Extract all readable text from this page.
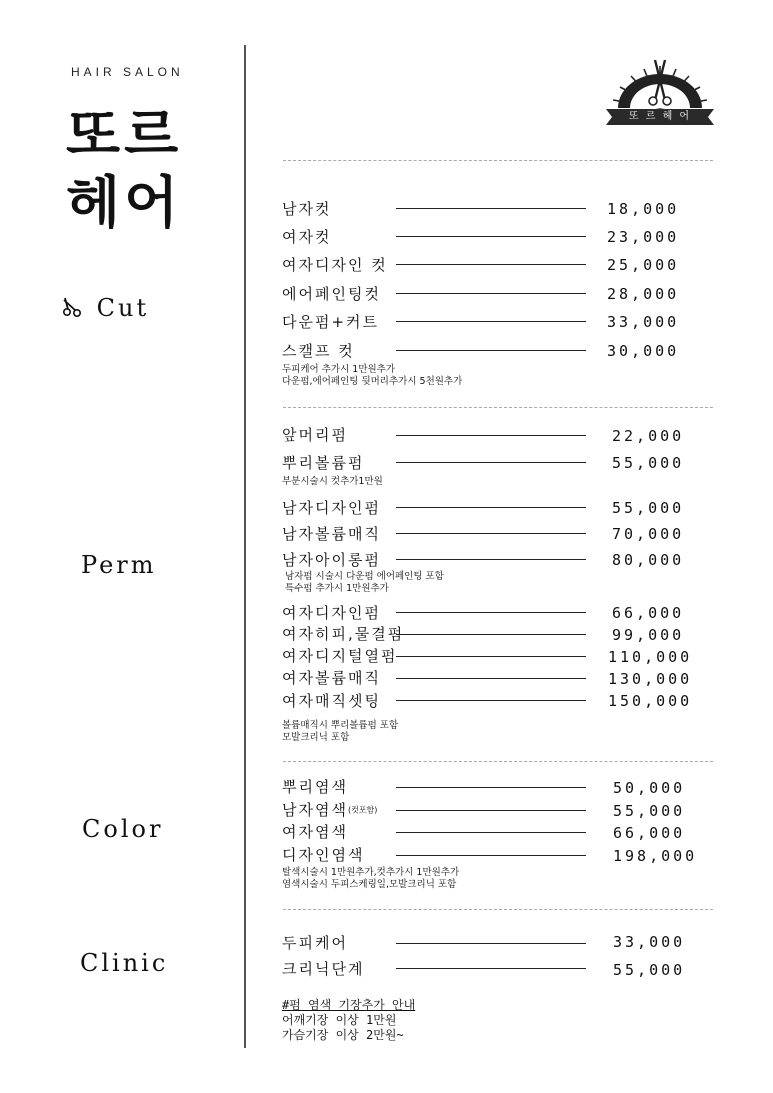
HAIR SALON
또르
헤어
Cut
Perm
Color
Clinic
또 르 헤 어
남자컷	18,000
여자컷	23,000
여자디자인 컷	25,000
에어페인팅컷	28,000
다운펌+커트	33,000
스캘프 컷	30,000
두피케어 추가시 1만원추가
다운펌,에어페인팅 뒷머리추가시 5천원추가
앞머리펌	22,000
뿌리볼륨펌	55,000
부분시술시 컷추가1만원
남자디자인펌	55,000
남자볼륨매직	70,000
남자아이롱펌	80,000
남자펌 시술시 다운펌 에어페인팅 포함
특수펌 추가시 1만원추가
여자디자인펌	66,000
여자히피,물결펌	99,000
여자디지털열펌	110,000
여자볼륨매직	130,000
여자매직셋팅	150,000
볼륨매직시 뿌리볼륨펌 포함
모발크리닉 포함
뿌리염색	50,000
남자염색(컷포함)	55,000
여자염색	66,000
디자인염색	198,000
탈색시술시 1만원추가,컷추가시 1만원추가
염색시술시 두피스케링일,모발크리닉 포함
두피케어	33,000
크리닉단계	55,000
#펌 염색 기장추가 안내
어깨기장 이상 1만원
가슴기장 이상 2만원~
